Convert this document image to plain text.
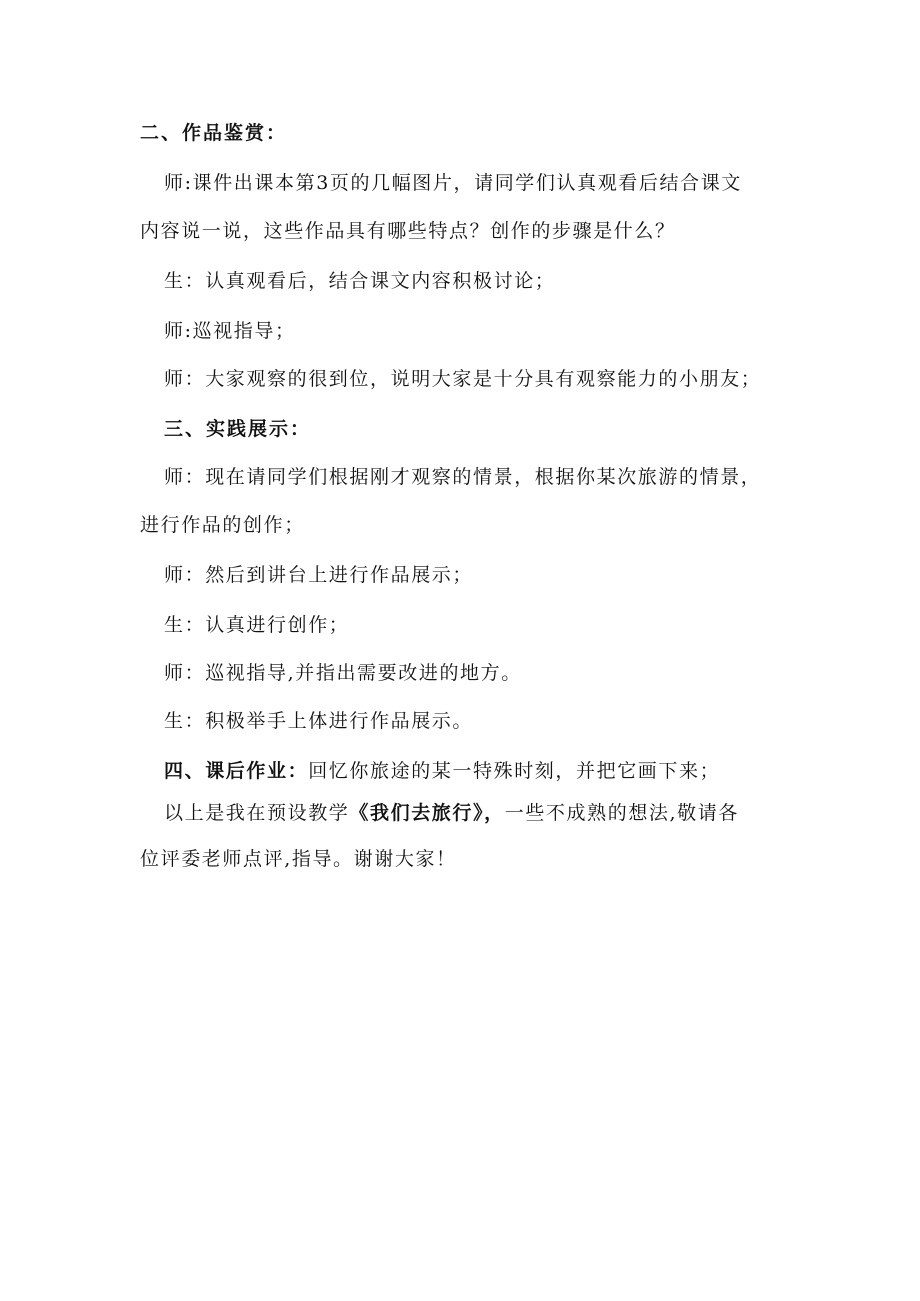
二、作品鉴赏：
师:课件出课本第3页的几幅图片，请同学们认真观看后结合课文
内容说一说，这些作品具有哪些特点？创作的步骤是什么？
生：认真观看后，结合课文内容积极讨论；
师:巡视指导；
师：大家观察的很到位，说明大家是十分具有观察能力的小朋友；
三、实践展示：
师：现在请同学们根据刚才观察的情景，根据你某次旅游的情景，
进行作品的创作；
师：然后到讲台上进行作品展示；
生：认真进行创作；
师：巡视指导,并指出需要改进的地方。
生：积极举手上体进行作品展示。
四、课后作业：回忆你旅途的某一特殊时刻，并把它画下来；
以上是我在预设教学《我们去旅行》，一些不成熟的想法,敬请各
位评委老师点评,指导。谢谢大家！
